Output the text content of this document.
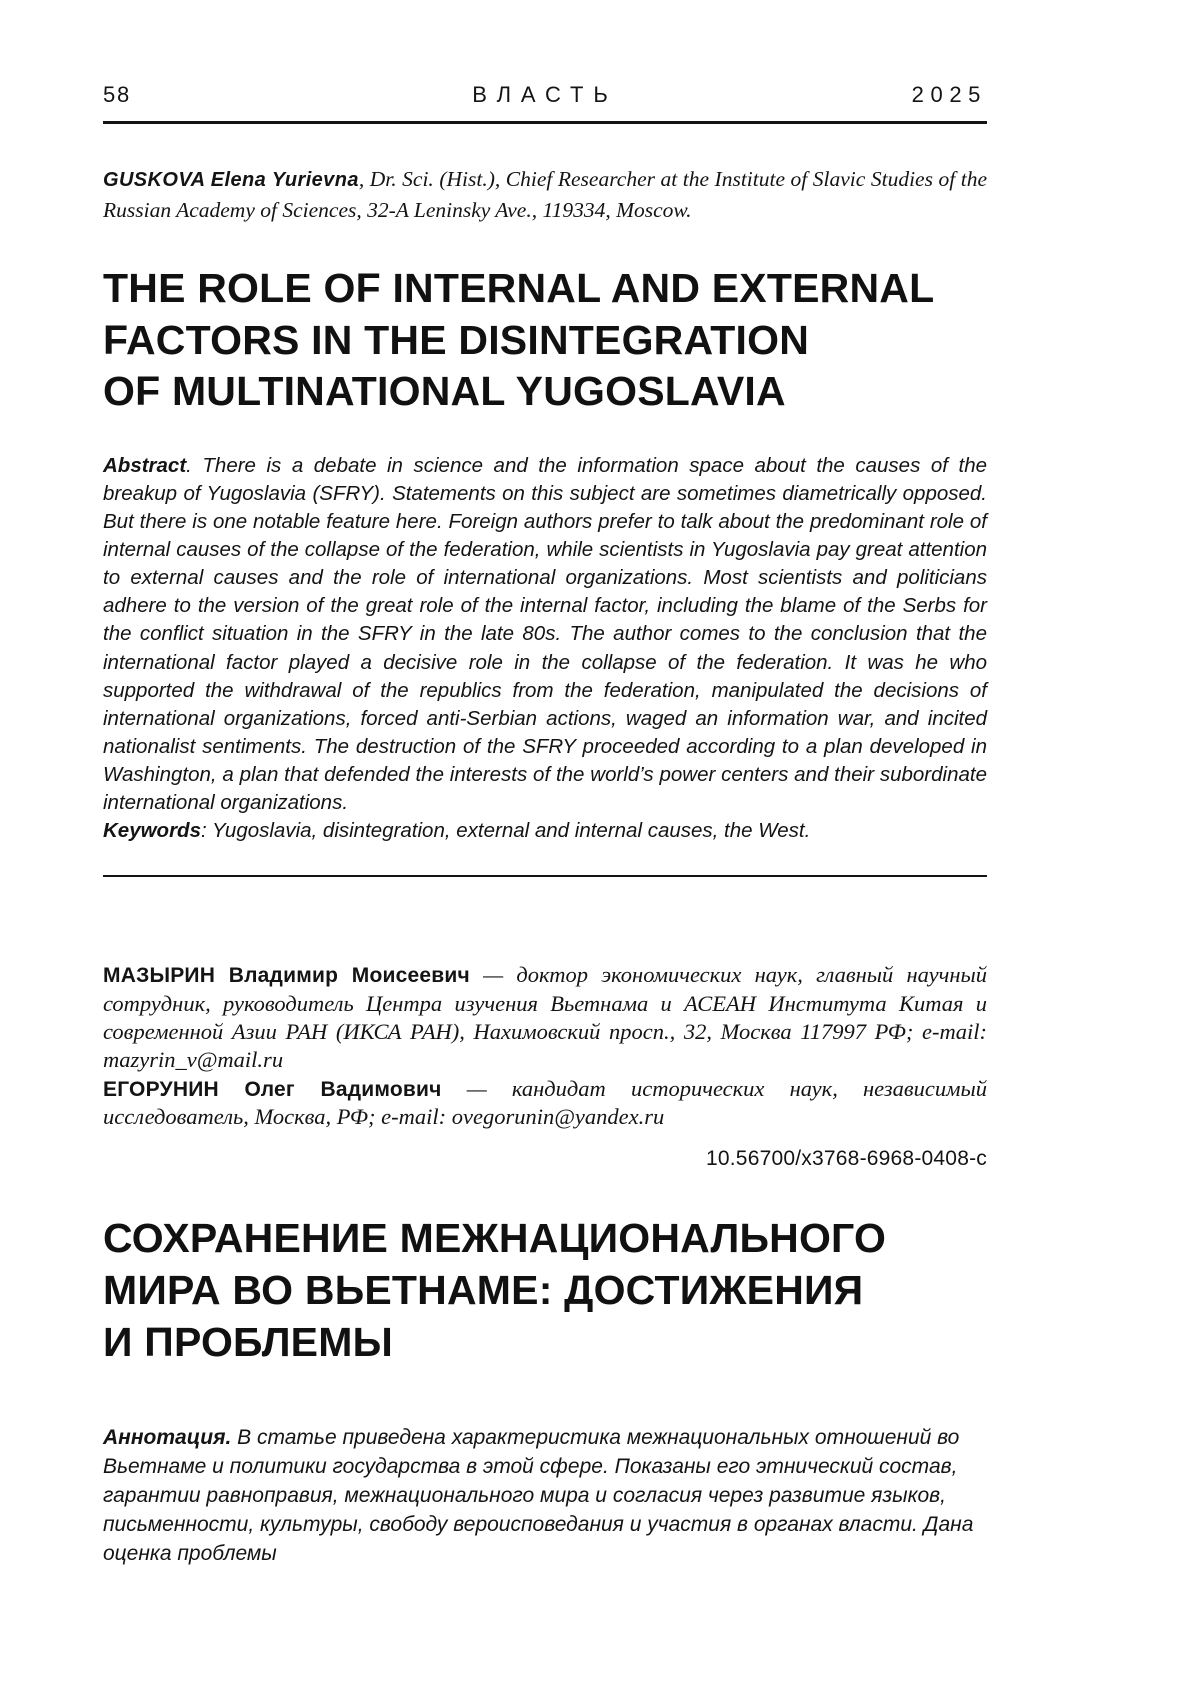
58	ВЛАСТЬ	2025

GUSKOVA Elena Yurievna, Dr. Sci. (Hist.), Chief Researcher at the Institute of Slavic Studies of the Russian Academy of Sciences, 32-A Leninsky Ave., 119334, Moscow.

THE ROLE OF INTERNAL AND EXTERNAL
FACTORS IN THE DISINTEGRATION
OF MULTINATIONAL YUGOSLAVIA

Abstract. There is a debate in science and the information space about the causes of the breakup of Yugoslavia (SFRY). Statements on this subject are sometimes diametrically opposed. But there is one notable feature here. Foreign authors prefer to talk about the predominant role of internal causes of the collapse of the federation, while scientists in Yugoslavia pay great attention to external causes and the role of international organizations. Most scientists and politicians adhere to the version of the great role of the internal factor, including the blame of the Serbs for the conflict situation in the SFRY in the late 80s. The author comes to the conclusion that the international factor played a decisive role in the collapse of the federation. It was he who supported the withdrawal of the republics from the federation, manipulated the decisions of international organizations, forced anti-Serbian actions, waged an information war, and incited nationalist sentiments. The destruction of the SFRY proceeded according to a plan developed in Washington, a plan that defended the interests of the world’s power centers and their subordinate international organizations.

Keywords: Yugoslavia, disintegration, external and internal causes, the West.

МАЗЫРИН Владимир Моисеевич — доктор экономических наук, главный научный сотрудник, руководитель Центра изучения Вьетнама и АСЕАН Института Китая и современной Азии РАН (ИКСА РАН), Нахимовский просп., 32, Москва 117997 РФ; e-mail: mazyrin_v@mail.ru

ЕГОРУНИН Олег Вадимович — кандидат исторических наук, независимый исследователь, Москва, РФ; e-mail: ovegorunin@yandex.ru

10.56700/x3768-6968-0408-c

СОХРАНЕНИЕ МЕЖНАЦИОНАЛЬНОГО
МИРА ВО ВЬЕТНАМЕ: ДОСТИЖЕНИЯ
И ПРОБЛЕМЫ

Аннотация. В статье приведена характеристика межнациональных отношений во Вьетнаме и политики государства в этой сфере. Показаны его этнический состав, гарантии равноправия, межнационального мира и согласия через развитие языков, письменности, культуры, свободу вероисповедания и участия в органах власти. Дана оценка проблемы
